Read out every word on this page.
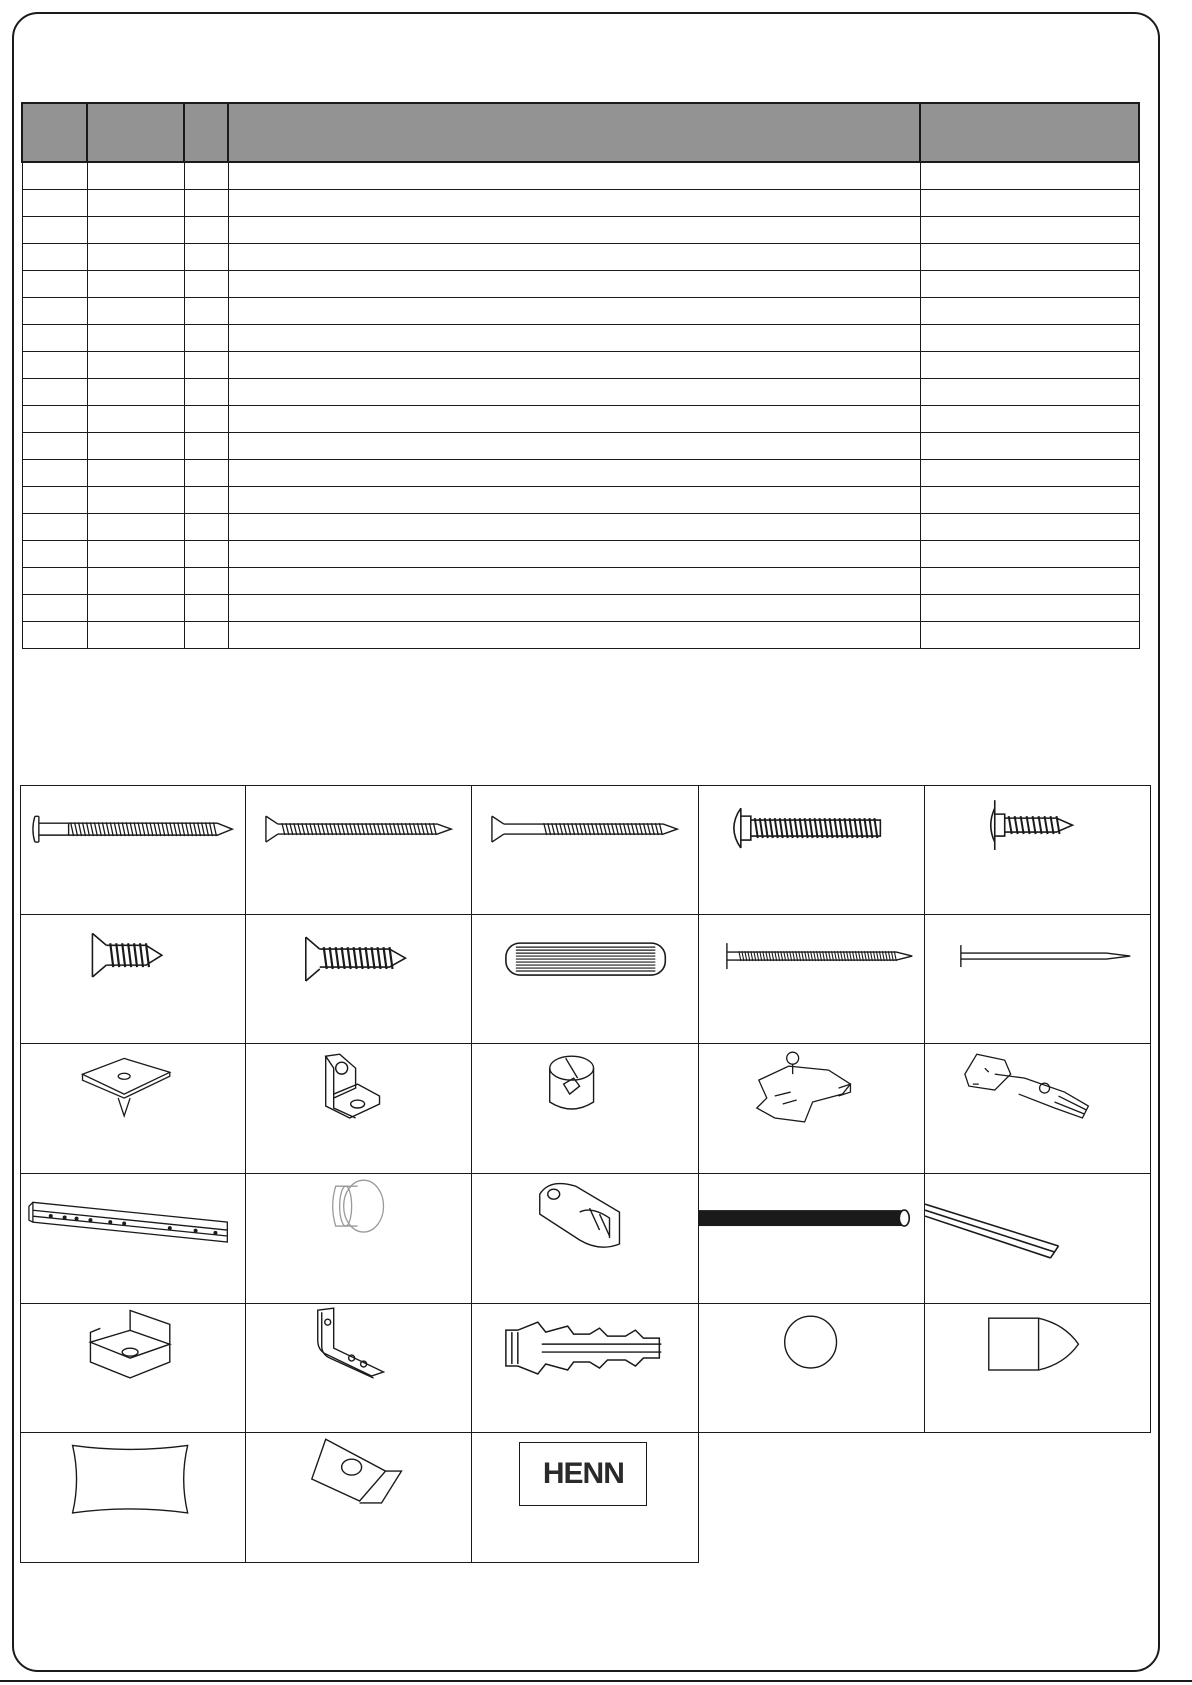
HENN
